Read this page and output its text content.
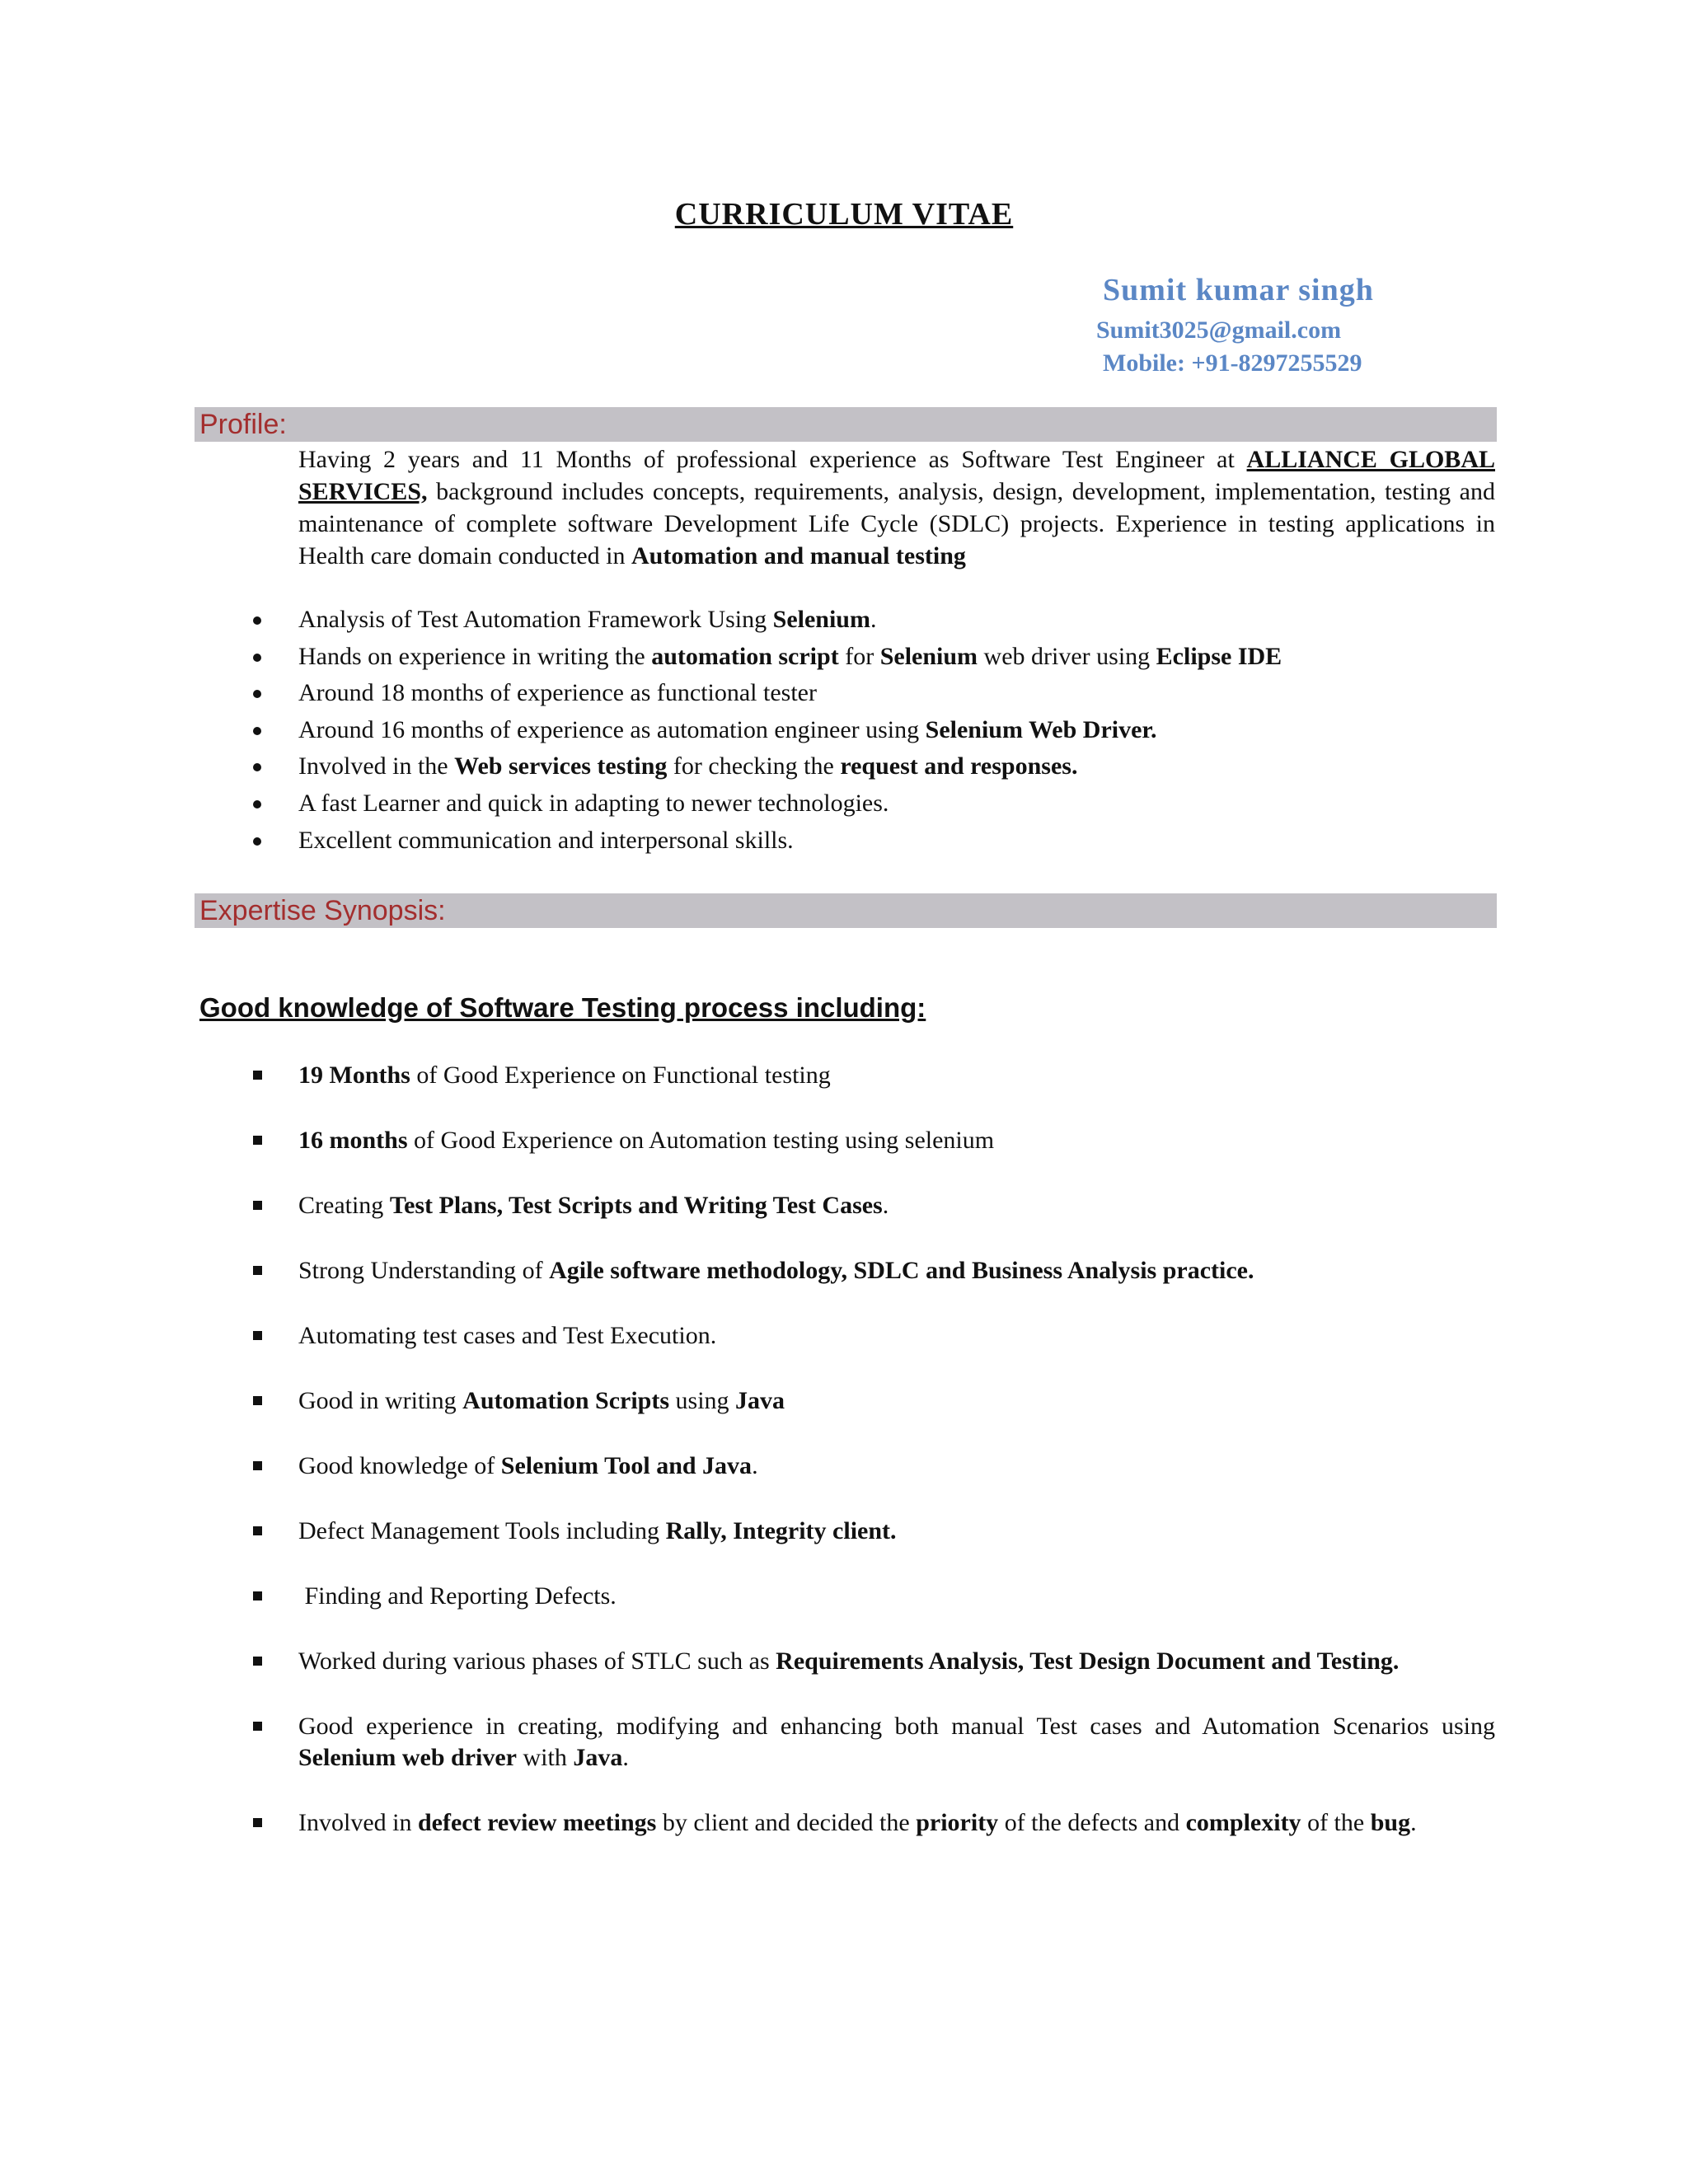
CURRICULUM VITAE
Sumit kumar singh
Sumit3025@gmail.com
Mobile: +91-8297255529
Profile:
Having 2 years and 11 Months of professional experience as Software Test Engineer at ALLIANCE GLOBAL SERVICES, background includes concepts, requirements, analysis, design, development, implementation, testing and maintenance of complete software Development Life Cycle (SDLC) projects. Experience in testing applications in Health care domain conducted in Automation and manual testing
Analysis of Test Automation Framework Using Selenium.
Hands on experience in writing the automation script for Selenium web driver using Eclipse IDE
Around 18 months of experience as functional tester
Around 16 months of experience as automation engineer using Selenium Web Driver.
Involved in the Web services testing for checking the request and responses.
A fast Learner and quick in adapting to newer technologies.
Excellent communication and interpersonal skills.
Expertise Synopsis:
Good knowledge of Software Testing process including:
19 Months of Good Experience on Functional testing
16 months of Good Experience on Automation testing using selenium
Creating Test Plans, Test Scripts and Writing Test Cases.
Strong Understanding of Agile software methodology, SDLC and Business Analysis practice.
Automating test cases and Test Execution.
Good in writing Automation Scripts using Java
Good knowledge of Selenium Tool and Java.
Defect Management Tools including Rally, Integrity client.
Finding and Reporting Defects.
Worked during various phases of STLC such as Requirements Analysis, Test Design Document and Testing.
Good experience in creating, modifying and enhancing both manual Test cases and Automation Scenarios using Selenium web driver with Java.
Involved in defect review meetings by client and decided the priority of the defects and complexity of the bug.
